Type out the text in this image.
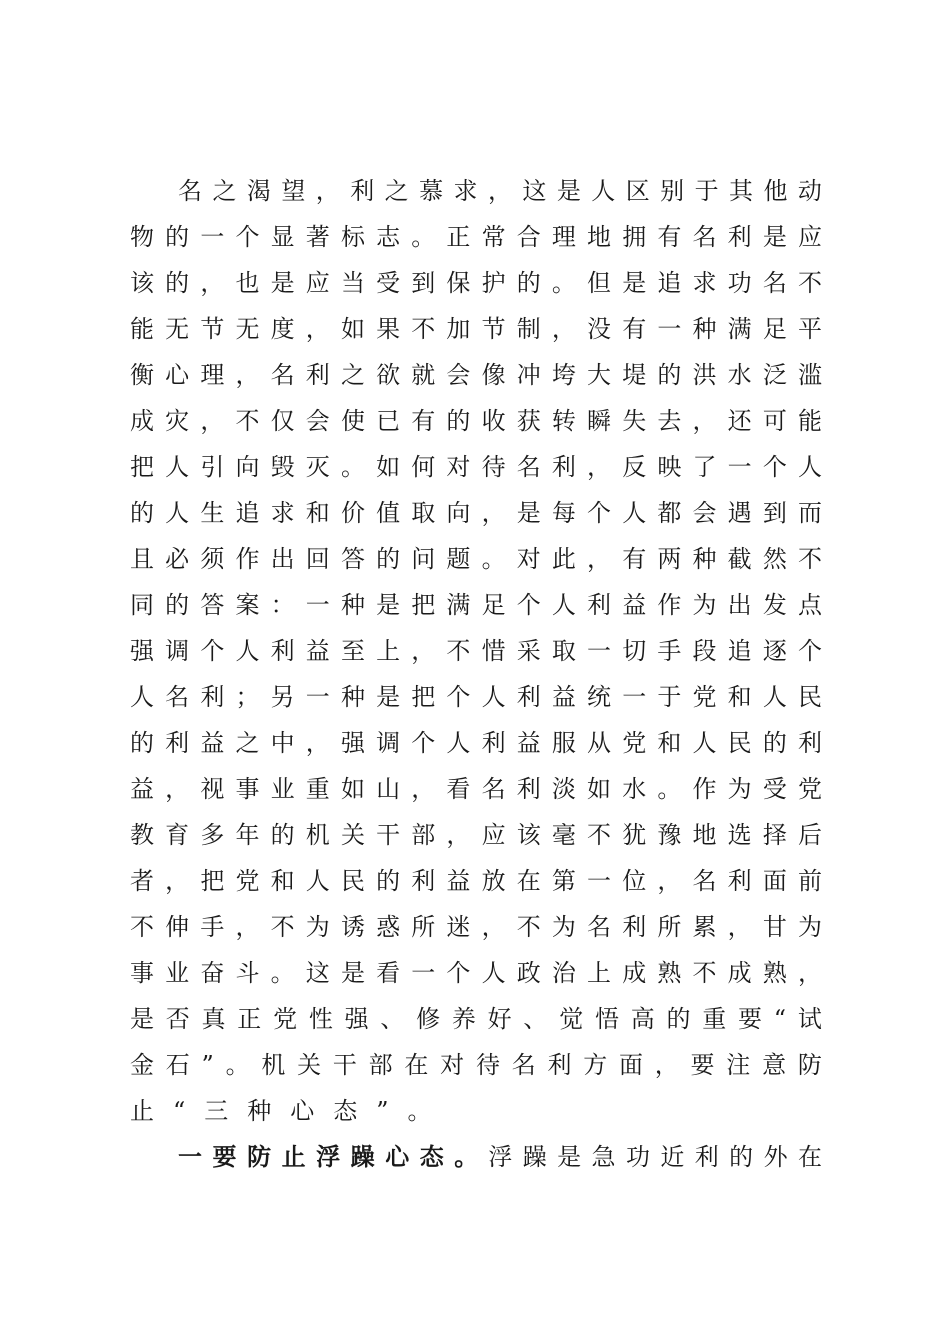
名 之 渴 望 ， 利 之 慕 求 ， 这 是 人 区 别 于 其 他 动
物 的 一 个 显 著 标 志 。 正 常 合 理 地 拥 有 名 利 是 应
该 的 ， 也 是 应 当 受 到 保 护 的 。 但 是 追 求 功 名 不
能 无 节 无 度 ， 如 果 不 加 节 制 ， 没 有 一 种 满 足 平
衡 心 理 ， 名 利 之 欲 就 会 像 冲 垮 大 堤 的 洪 水 泛 滥
成 灾 ， 不 仅 会 使 已 有 的 收 获 转 瞬 失 去 ， 还 可 能
把 人 引 向 毁 灭 。 如 何 对 待 名 利 ， 反 映 了 一 个 人
的 人 生 追 求 和 价 值 取 向 ， 是 每 个 人 都 会 遇 到 而
且 必 须 作 出 回 答 的 问 题 。 对 此 ， 有 两 种 截 然 不
同 的 答 案 ： 一 种 是 把 满 足 个 人 利 益 作 为 出 发 点
强 调 个 人 利 益 至 上 ， 不 惜 采 取 一 切 手 段 追 逐 个
人 名 利 ； 另 一 种 是 把 个 人 利 益 统 一 于 党 和 人 民
的 利 益 之 中 ， 强 调 个 人 利 益 服 从 党 和 人 民 的 利
益 ， 视 事 业 重 如 山 ， 看 名 利 淡 如 水 。 作 为 受 党
教 育 多 年 的 机 关 干 部 ， 应 该 毫 不 犹 豫 地 选 择 后
者 ， 把 党 和 人 民 的 利 益 放 在 第 一 位 ， 名 利 面 前
不 伸 手 ， 不 为 诱 惑 所 迷 ， 不 为 名 利 所 累 ， 甘 为
事 业 奋 斗 。 这 是 看 一 个 人 政 治 上 成 熟 不 成 熟 ，
是 否 真 正 党 性 强 、 修 养 好 、 觉 悟 高 的 重 要 “ 试
金 石 ” 。 机 关 干 部 在 对 待 名 利 方 面 ， 要 注 意 防
止“三种心态”。
一 要 防 止 浮 躁 心 态 。 浮 躁 是 急 功 近 利 的 外 在
